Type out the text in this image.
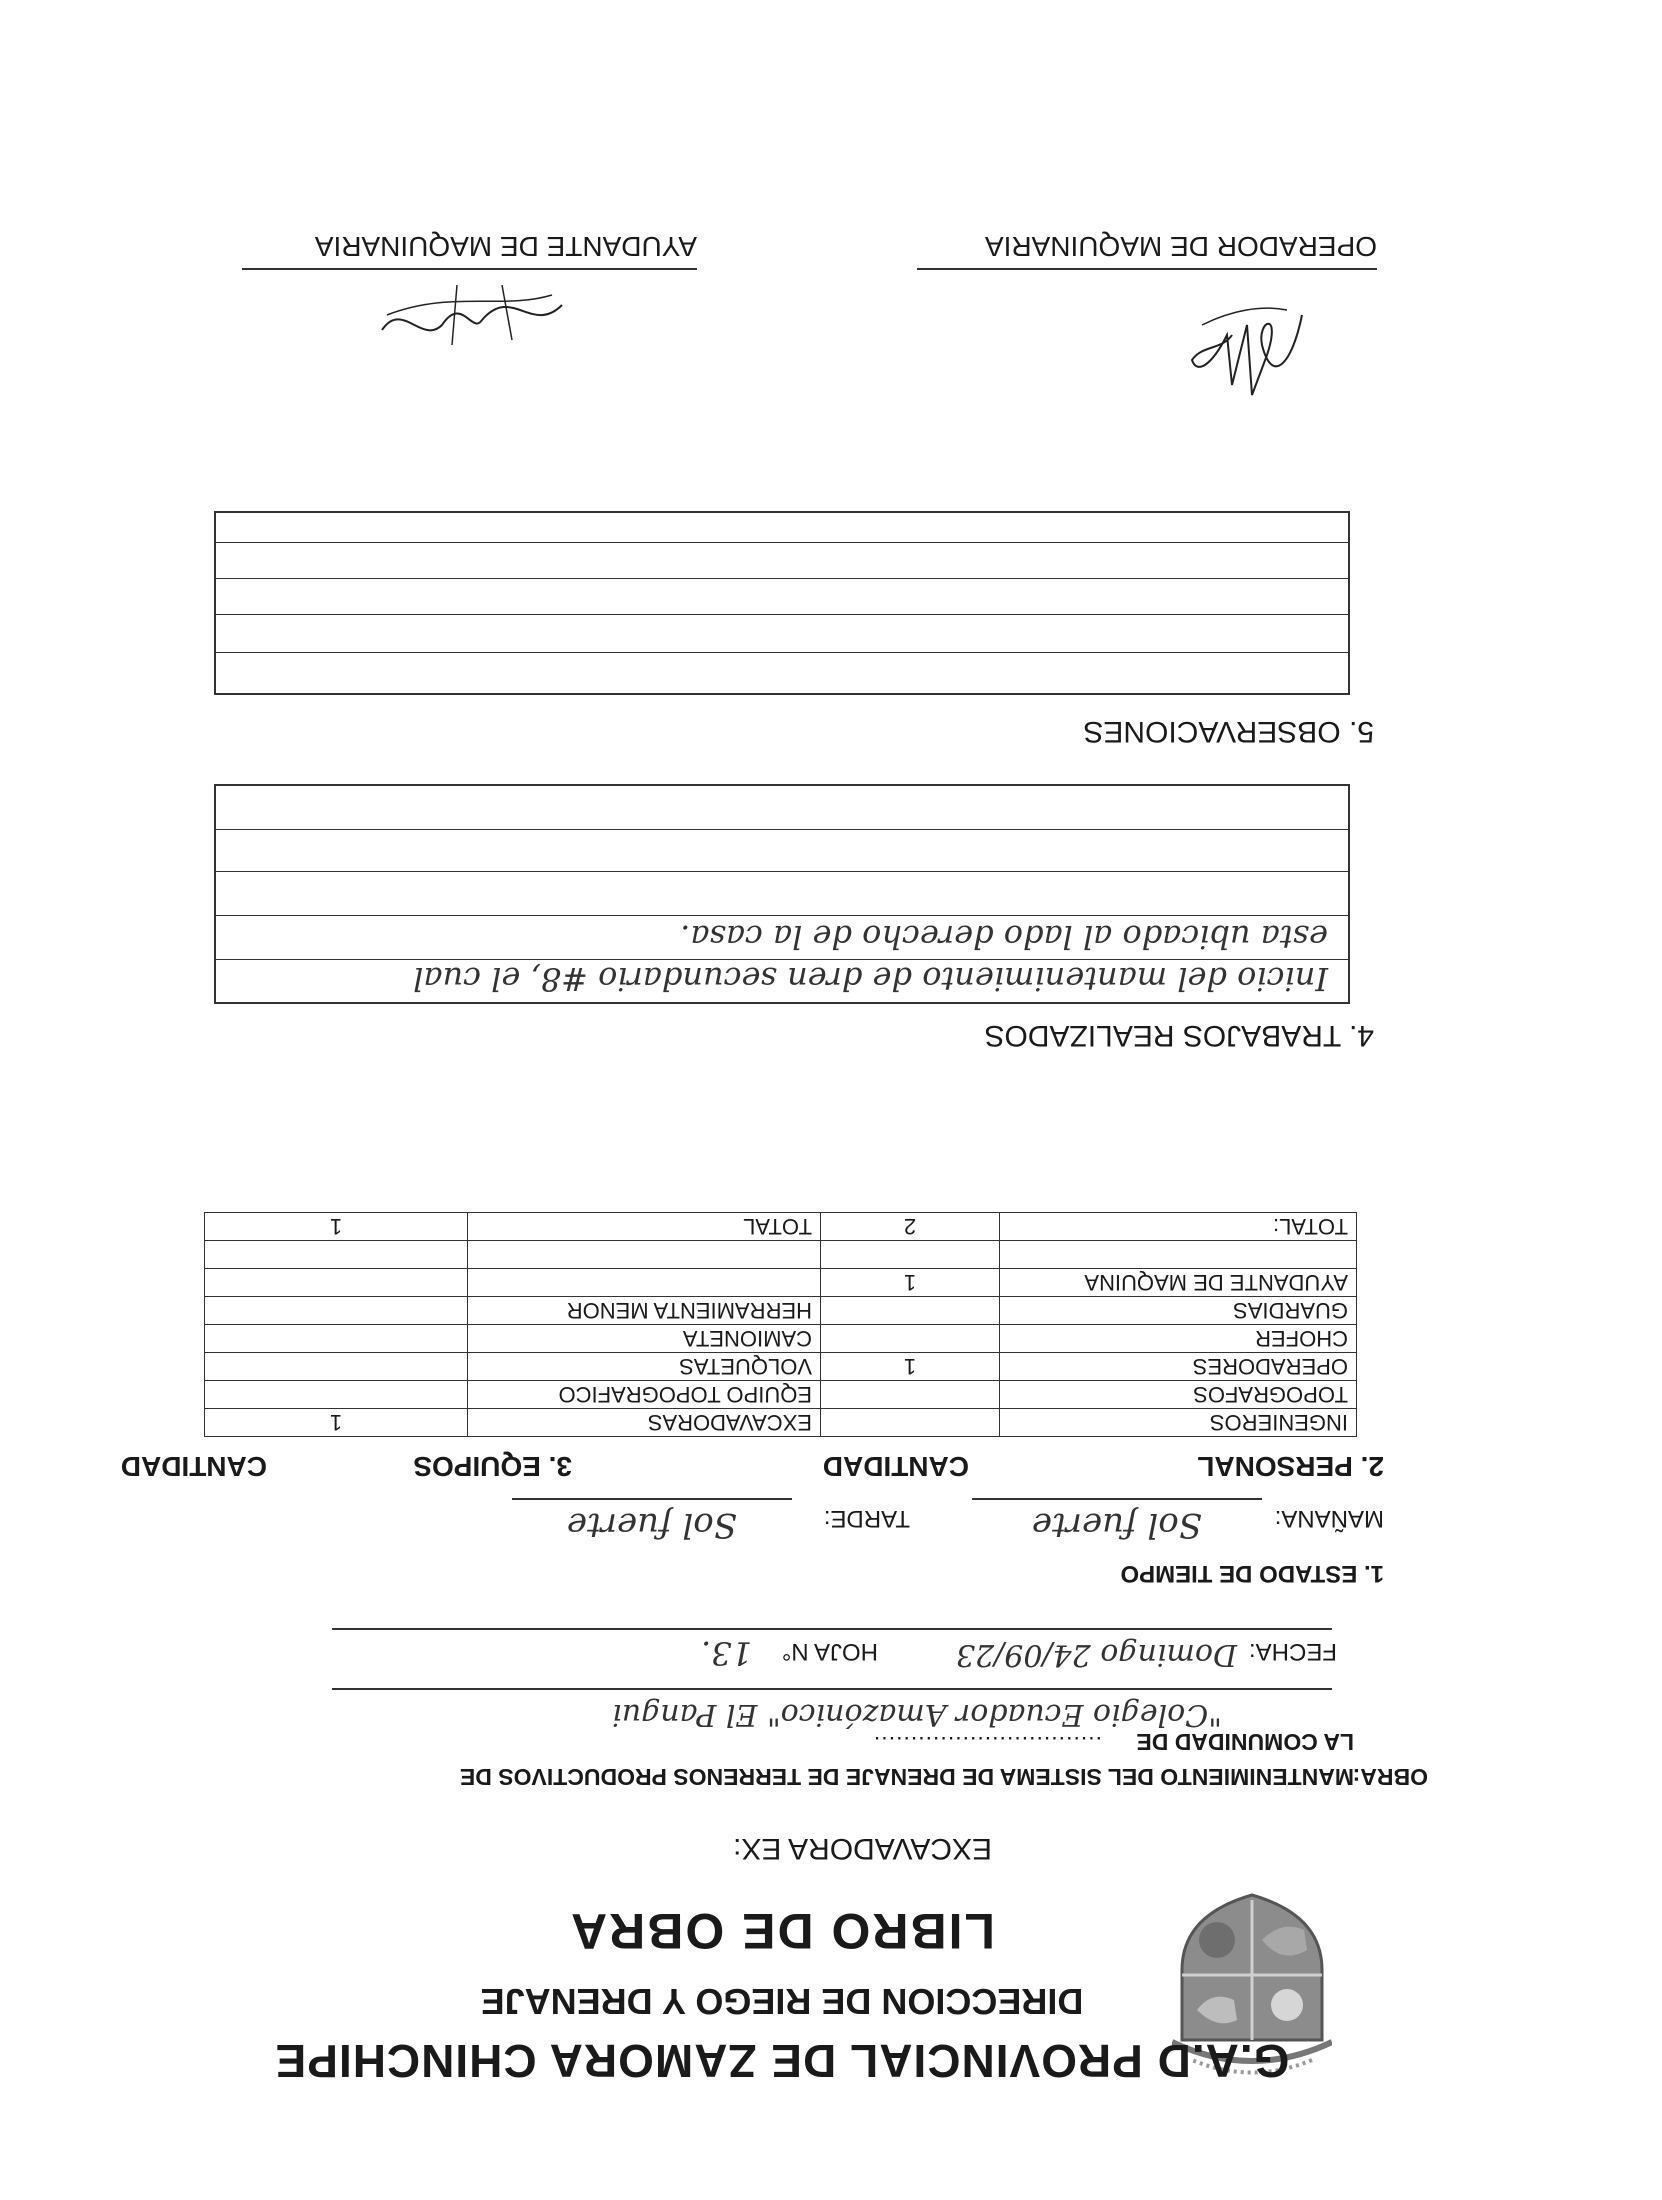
G.A.D PROVINCIAL DE ZAMORA CHINCHIPE
DIRECCION DE RIEGO Y DRENAJE
LIBRO DE OBRA
EXCAVADORA EX:
OBRA:
MANTENIMIENTO DEL SISTEMA DE DRENAJE DE TERRENOS PRODUCTIVOS DE
LA COMUNIDAD DE
...............................
"Colegio Ecuador Amazónico" El Pangui
FECHA:
Domingo 24/09/23
HOJA N°
13.
1. ESTADO DE TIEMPO
MAÑANA:
Sol fuerte
TARDE:
Sol fuerte
2. PERSONAL
CANTIDAD
3. EQUIPOS
CANTIDAD
INGENIEROS		EXCAVADORAS	1
TOPOGRAFOS		EQUIPO TOPOGRAFICO	
OPERADORES	1	VOLQUETAS	
CHOFER		CAMIONETA	
GUARDIAS		HERRAMIENTA MENOR	
AYUDANTE DE MAQUINA	1		

TOTAL:	2	TOTAL	1
4. TRABAJOS REALIZADOS
Inicio del mantenimiento de dren secundario #8, el cual
esta ubicado al lado derecho de la casa.
5. OBSERVACIONES
OPERADOR DE MAQUINARIA
AYUDANTE DE MAQUINARIA
